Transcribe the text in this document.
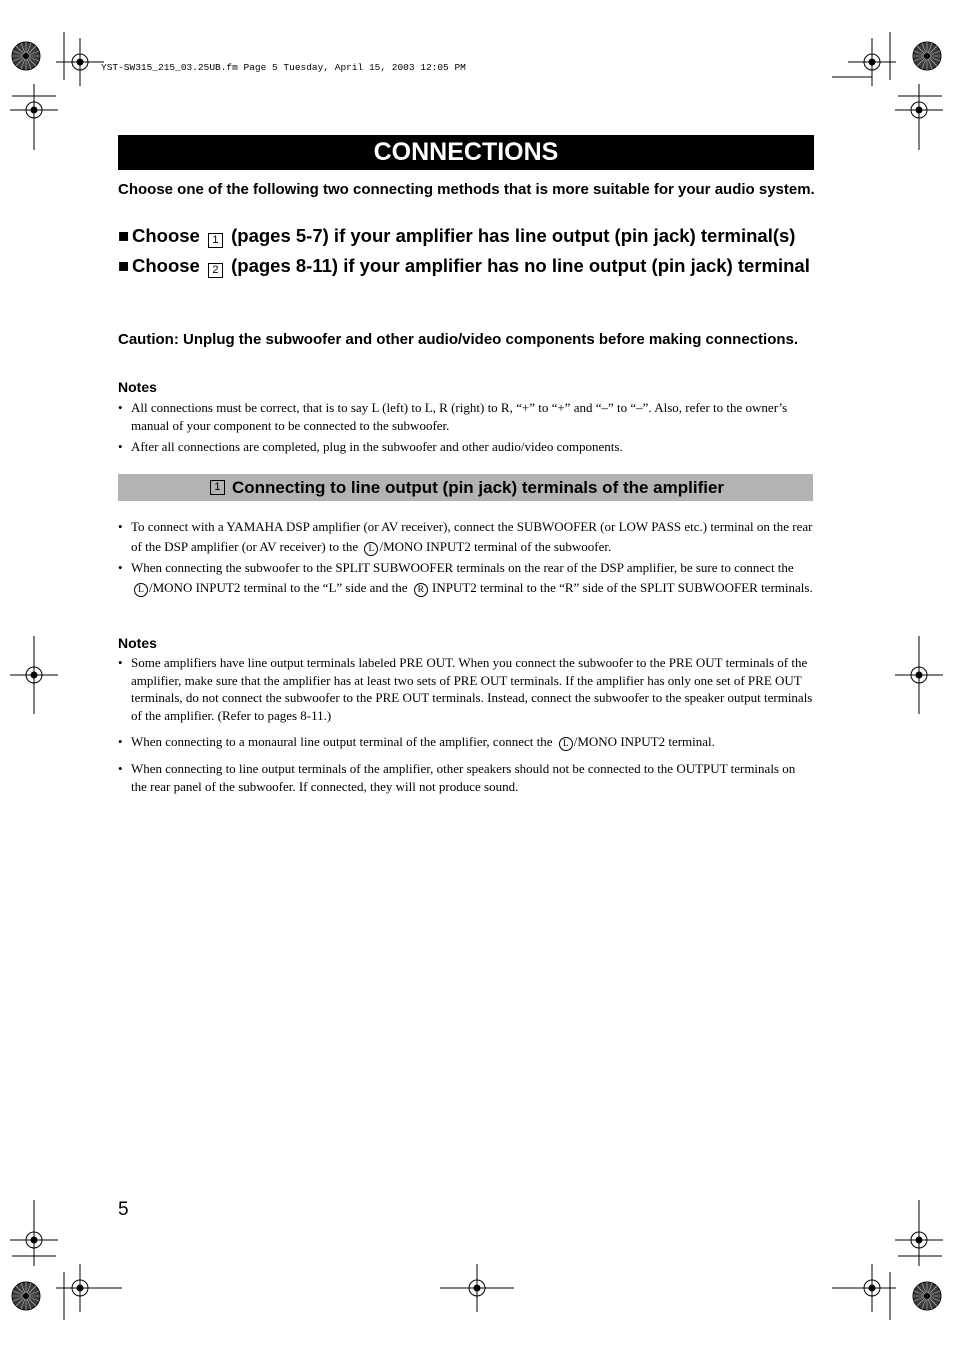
YST-SW315_215_03.25UB.fm Page 5 Tuesday, April 15, 2003 12:05 PM
CONNECTIONS
Choose one of the following two connecting methods that is more suitable for your audio system.
■ Choose 1 (pages 5-7) if your amplifier has line output (pin jack) terminal(s)
■ Choose 2 (pages 8-11) if your amplifier has no line output (pin jack) terminal
Caution: Unplug the subwoofer and other audio/video components before making connections.
Notes
• All connections must be correct, that is to say L (left) to L, R (right) to R, “+” to “+” and “–” to “–”. Also, refer to the owner’s manual of your component to be connected to the subwoofer.
• After all connections are completed, plug in the subwoofer and other audio/video components.
1 Connecting to line output (pin jack) terminals of the amplifier
• To connect with a YAMAHA DSP amplifier (or AV receiver), connect the SUBWOOFER (or LOW PASS etc.) terminal on the rear of the DSP amplifier (or AV receiver) to the L /MONO INPUT2 terminal of the subwoofer.
• When connecting the subwoofer to the SPLIT SUBWOOFER terminals on the rear of the DSP amplifier, be sure to connect the L /MONO INPUT2 terminal to the “L” side and the R INPUT2 terminal to the “R” side of the SPLIT SUBWOOFER terminals.
Notes
• Some amplifiers have line output terminals labeled PRE OUT. When you connect the subwoofer to the PRE OUT terminals of the amplifier, make sure that the amplifier has at least two sets of PRE OUT terminals. If the amplifier has only one set of PRE OUT terminals, do not connect the subwoofer to the PRE OUT terminals. Instead, connect the subwoofer to the speaker output terminals of the amplifier. (Refer to pages 8-11.)
• When connecting to a monaural line output terminal of the amplifier, connect the L /MONO INPUT2 terminal.
• When connecting to line output terminals of the amplifier, other speakers should not be connected to the OUTPUT terminals on the rear panel of the subwoofer. If connected, they will not produce sound.
5
